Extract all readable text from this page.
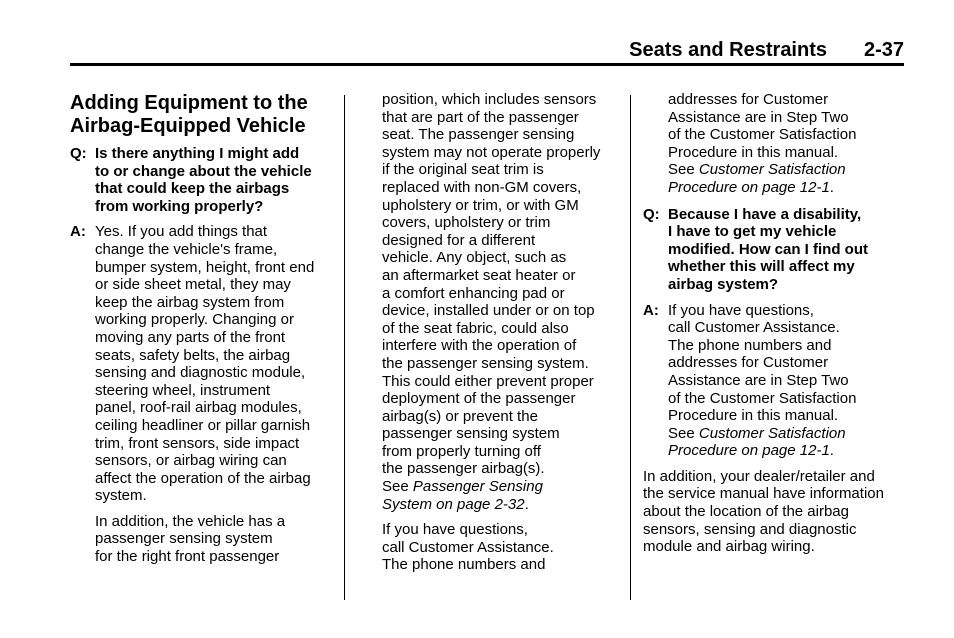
Seats and Restraints 2-37
Adding Equipment to the
Airbag-Equipped Vehicle
Q: Is there anything I might add
to or change about the vehicle
that could keep the airbags
from working properly?
A: Yes. If you add things that
change the vehicle's frame,
bumper system, height, front end
or side sheet metal, they may
keep the airbag system from
working properly. Changing or
moving any parts of the front
seats, safety belts, the airbag
sensing and diagnostic module,
steering wheel, instrument
panel, roof-rail airbag modules,
ceiling headliner or pillar garnish
trim, front sensors, side impact
sensors, or airbag wiring can
affect the operation of the airbag
system.
In addition, the vehicle has a
passenger sensing system
for the right front passenger
position, which includes sensors
that are part of the passenger
seat. The passenger sensing
system may not operate properly
if the original seat trim is
replaced with non-GM covers,
upholstery or trim, or with GM
covers, upholstery or trim
designed for a different
vehicle. Any object, such as
an aftermarket seat heater or
a comfort enhancing pad or
device, installed under or on top
of the seat fabric, could also
interfere with the operation of
the passenger sensing system.
This could either prevent proper
deployment of the passenger
airbag(s) or prevent the
passenger sensing system
from properly turning off
the passenger airbag(s).
See Passenger Sensing
System on page 2-32.
If you have questions,
call Customer Assistance.
The phone numbers and
addresses for Customer
Assistance are in Step Two
of the Customer Satisfaction
Procedure in this manual.
See Customer Satisfaction
Procedure on page 12-1.
Q: Because I have a disability,
I have to get my vehicle
modified. How can I find out
whether this will affect my
airbag system?
A: If you have questions,
call Customer Assistance.
The phone numbers and
addresses for Customer
Assistance are in Step Two
of the Customer Satisfaction
Procedure in this manual.
See Customer Satisfaction
Procedure on page 12-1.
In addition, your dealer/retailer and
the service manual have information
about the location of the airbag
sensors, sensing and diagnostic
module and airbag wiring.
